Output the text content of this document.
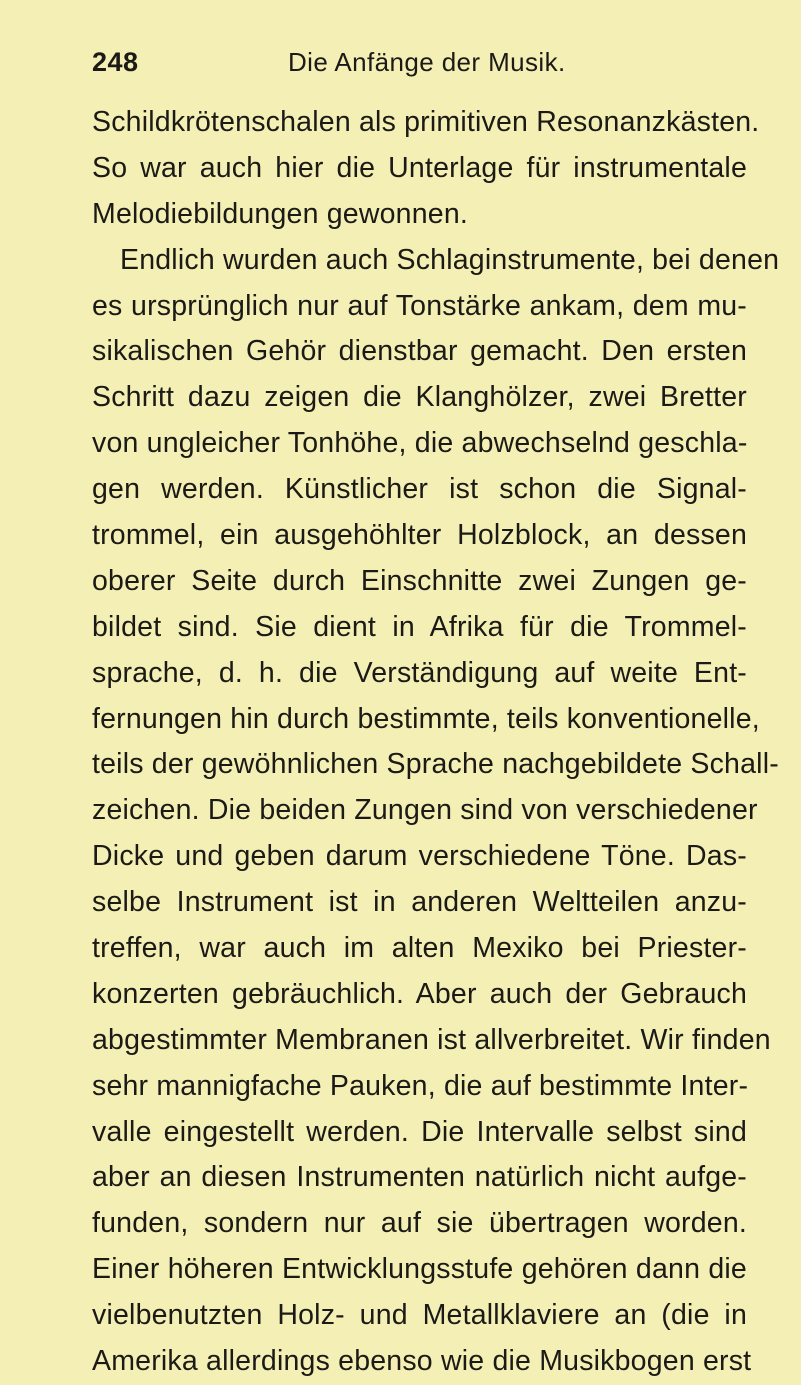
248	Die Anfänge der Musik.
Schildkrötenschalen als primitiven Resonanzkästen.
So war auch hier die Unterlage für instrumentale
Melodiebildungen gewonnen.
Endlich wurden auch Schlaginstrumente, bei denen
es ursprünglich nur auf Tonstärke ankam, dem mu-
sikalischen Gehör dienstbar gemacht. Den ersten
Schritt dazu zeigen die Klanghölzer, zwei Bretter
von ungleicher Tonhöhe, die abwechselnd geschla-
gen werden. Künstlicher ist schon die Signal-
trommel, ein ausgehöhlter Holzblock, an dessen
oberer Seite durch Einschnitte zwei Zungen ge-
bildet sind. Sie dient in Afrika für die Trommel-
sprache, d. h. die Verständigung auf weite Ent-
fernungen hin durch bestimmte, teils konventionelle,
teils der gewöhnlichen Sprache nachgebildete Schall-
zeichen. Die beiden Zungen sind von verschiedener
Dicke und geben darum verschiedene Töne. Das-
selbe Instrument ist in anderen Weltteilen anzu-
treffen, war auch im alten Mexiko bei Priester-
konzerten gebräuchlich. Aber auch der Gebrauch
abgestimmter Membranen ist allverbreitet. Wir finden
sehr mannigfache Pauken, die auf bestimmte Inter-
valle eingestellt werden. Die Intervalle selbst sind
aber an diesen Instrumenten natürlich nicht aufge-
funden, sondern nur auf sie übertragen worden.
Einer höheren Entwicklungsstufe gehören dann die
vielbenutzten Holz- und Metallklaviere an (die in
Amerika allerdings ebenso wie die Musikbogen erst
